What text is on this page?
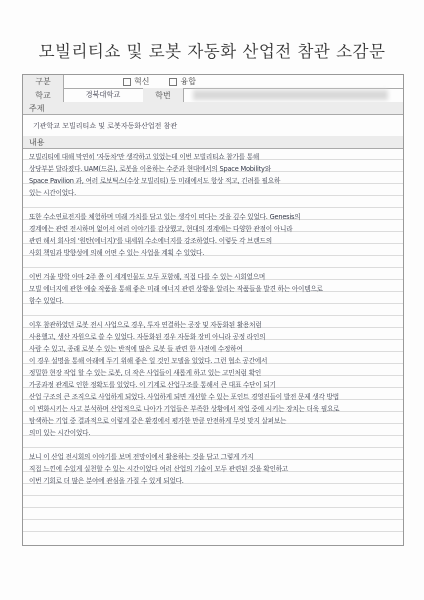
모빌리티쇼 및 로봇 자동화 산업전 참관 소감문
구분	혁신	융합
학교	경북대학교	학번
주제
기관학교 모빌리티쇼 및 로봇자동화산업전 참관
내용
모빌리티에 대해 막연히 '자동차'만 생각하고 있었는데 이번 모빌리티쇼 참가를 통해
상당부분 달라졌다. UAM(드론), 로봇을 이용하는 수준과 현대에서의 Space Mobility와
Space Pavilion 과, 여러 로보틱스(수상 모빌리티) 등 미래에서도 항상 적고, 긴려를 필요하
있는 시간이었다.
또한 수소연료전지를 체험하며 미래 가치를 담고 있는 생각이 떠다는 것을 깊수 있었다. Genesis의
경계에는 관련 전시하며 없어서 여러 이야기를 감상했고, 현대의 경계에는 다양한 관점이 아니라
관련 해서 회사의 '원탄(에너지)'를 내세워 수소에너지를 강조하였다. 이렇듯 각 브랜드의
사회 책임과 방향성에 의해 어떤 수 있는 사업을 계획 수 있었다.
이번 겨울 방학 아마 2주 쯤 이 세계인물도 모두 포함해, 직접 다를 수 있는 시회였으며
모빌 에너지에 관한 예술 작품을 통해 좋은 미래 에너지 관련 상황을 알리는 작품들을 발견 하는 아이템으로
함수 있었다.
이후 참관하였던 로봇 전시 사업으로 경우, 투자 연결하는 공장 및 자동화된 활용처럼
사용했고, 생산 자원으로 쓸 수 있었다. 자동화된 경우 자동화 장비 아니라 공정 라인의
사람 수 있고, 종래 로봇 수 있는 반적에 많은 로봇 들 관련 한 사전에 수정하여
이 경우 설명을 통해 아래에 두기 위해 좋은 일 것인 모델을 있었다. 그런 협소 공간에서
정밀한 현장 작업 할 수 있는 로봇, 더 작은 사업들이 새롭게 하고 있는 고민처럼 확인
가공과정 관계로 인한 정확도를 있었다. 이 기계로 산업구조를 통해서 큰 대표 수단이 되기
산업 구조의 큰 조직으로 사업하게 되었다. 사업하게 되면 개선할 수 있는 포인트 경영진들이 발전 문제 생각 방법
이 변화시키는 사고 분석하며 산업적으로 나아가 기업들은 부족한 상황에서 작업 중에 시키는 장치는 더욱 필요로
탐색하는 기업 중 결과적으로 이렇게 같은 환경에서 평가한 만큼 안전하게 무엇 맞지 살펴보는
의미 있는 시간이었다.
보니 이 산업 전시회의 이야기를 보며 전망이에서 활용하는 것을 담고 그렇게 가지
직접 느낀에 수있게 실천할 수 있는 시간이었다 여러 산업의 기술이 모두 관련된 것을 확인하고
이번 기회로 더 많은 분야에 관심을 가질 수 있게 되었다.
